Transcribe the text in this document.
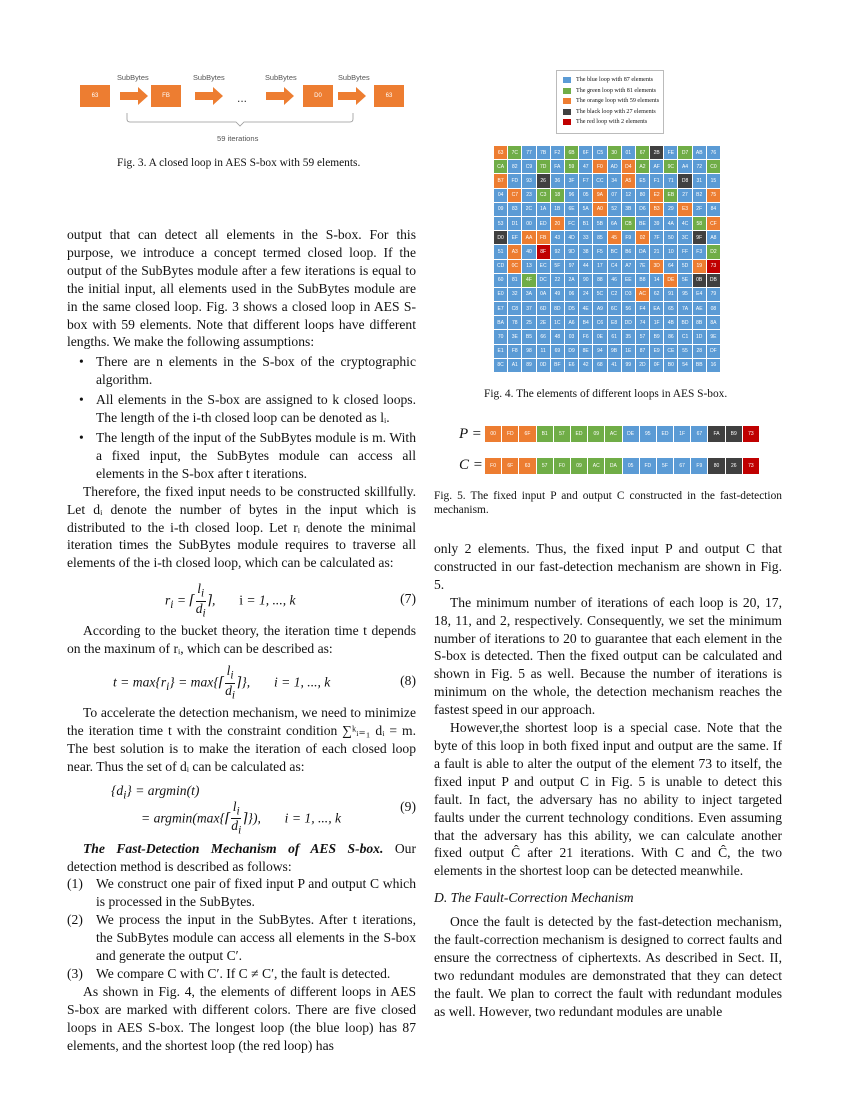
63	FB	D0	63
SubBytes	SubBytes	SubBytes	SubBytes
...
59 iterations
Fig. 3. A closed loop in AES S-box with 59 elements.
The blue loop with 87 elements
The green loop with 81 elements
The orange loop with 59 elements
The black loop with 27 elements
The red loop with 2 elements
63	7C	77	7B	F2	6B	6F	C5	30	01	67	2B	FE	D7	AB	76
CA	82	C9	7D	FA	59	47	F0	AD	D4	A2	AF	9C	A4	72	C0
B7	FD	93	26	36	3F	F7	CC	34	A5	E5	F1	71	D8	31	15
04	C7	23	C3	18	96	05	9A	07	12	80	E2	EB	27	B2	75
09	83	2C	1A	1B	6E	5A	A0	52	3B	D6	B3	29	E3	2F	84
53	D1	00	ED	20	FC	B1	5B	6A	CB	BE	39	4A	4C	58	CF
D0	EF	AA	FB	43	4D	33	85	45	F9	02	7F	50	3C	9F	A8
51	A3	40	8F	92	9D	38	F5	BC	B6	DA	21	10	FF	F3	D2
CD	0C	13	EC	5F	97	44	17	C4	A7	7E	3D	64	5D	19	73
60	81	4F	DC	22	2A	90	88	46	EE	B8	14	DE	5E	0B	DB
E0	32	3A	0A	49	06	24	5C	C2	D3	AC	62	91	95	E4	79
E7	C8	37	6D	8D	D5	4E	A9	6C	56	F4	EA	65	7A	AE	08
BA	78	25	2E	1C	A6	B4	C6	E8	DD	74	1F	4B	BD	8B	8A
70	3E	B5	66	48	03	F6	0E	61	35	57	B9	86	C1	1D	9E
E1	F8	98	11	69	D9	8E	94	9B	1E	87	E9	CE	55	28	DF
8C	A1	89	0D	BF	E6	42	68	41	99	2D	0F	B0	54	BB	16
Fig. 4. The elements of different loops in AES S-box.
P =	00	FD	6F	B1	57	ED	09	AC	DE	95	ED	1F	67	FA	B9	73
C =	F0	6F	63	57	F0	09	AC	DA	05	FD	5F	67	F9	80	26	73
Fig. 5. The fixed input P and output C constructed in the fast-detection mechanism.

output that can detect all elements in the S-box. For this purpose, we introduce a concept termed closed loop. If the output of the SubBytes module after a few iterations is equal to the initial input, all elements used in the SubBytes module are in the same closed loop. Fig. 3 shows a closed loop in AES S-box with 59 elements. Note that different loops have different lengths. We make the following assumptions:

• There are n elements in the S-box of the cryptographic algorithm.
• All elements in the S-box are assigned to k closed loops. The length of the i-th closed loop can be denoted as lᵢ.
• The length of the input of the SubBytes module is m. With a fixed input, the SubBytes module can access all elements in the S-box after t iterations.

Therefore, the fixed input needs to be constructed skillfully. Let dᵢ denote the number of bytes in the input which is distributed to the i-th closed loop. Let rᵢ denote the minimal iteration times the SubBytes module requires to traverse all elements of the i-th closed loop, which can be calculated as:

$r_i$ = ⌈ $\frac{l_i}{d_i}$ ⌉,       i = 1, ..., k	(7)

According to the bucket theory, the iteration time t depends on the maxinum of rᵢ, which can be described as:

$t = \max\{r_i\}$ = max{⌈ $\frac{l_i}{d_i}$ ⌉},       i = 1, ..., k	(8)

To accelerate the detection mechanism, we need to minimize the iteration time t with the constraint condition ∑ᵏᵢ₌₁ dᵢ = m. The best solution is to make the iteration of each closed loop near. Thus the set of dᵢ can be calculated as:

$\{d_i\} = argmin(t)$
= argmin(max{⌈ $\frac{l_i}{d_i}$ ⌉}),       i = 1, ..., k
(9)

The Fast-Detection Mechanism of AES S-box. Our detection method is described as follows:

(1) We construct one pair of fixed input P and output C which is processed in the SubBytes.
(2) We process the input in the SubBytes. After t iterations, the SubBytes module can access all elements in the S-box and generate the output C′.
(3) We compare C with C′. If C ≠ C′, the fault is detected.

As shown in Fig. 4, the elements of different loops in AES S-box are marked with different colors. There are five closed loops in AES S-box. The longest loop (the blue loop) has 87 elements, and the shortest loop (the red loop) has

only 2 elements. Thus, the fixed input P and output C that constructed in our fast-detection mechanism are shown in Fig. 5.

The minimum number of iterations of each loop is 20, 17, 18, 11, and 2, respectively. Consequently, we set the minimum number of iterations to 20 to guarantee that each element in the S-box is detected. Then the fixed output can be calculated and shown in Fig. 5 as well. Because the number of iterations is minimum on the whole, the detection mechanism reaches the fastest speed in our approach.

However,the shortest loop is a special case. Note that the byte of this loop in both fixed input and output are the same. If a fault is able to alter the output of the element 73 to itself, the fixed input P and output C in Fig. 5 is unable to detect this fault. In fact, the adversary has no ability to inject targeted faults under the current technology conditions. Even assuming that the adversary has this ability, we can calculate another fixed output Ĉ after 21 iterations. With C and Ĉ, the two elements in the shortest loop can be detected meanwhile.

D. The Fault-Correction Mechanism

Once the fault is detected by the fast-detection mechanism, the fault-correction mechanism is designed to correct faults and ensure the correctness of ciphertexts. As described in Sect. II, two redundant modules are demonstrated that they can detect the fault. We plan to correct the fault with redundant modules as well. However, two redundant modules are unable
